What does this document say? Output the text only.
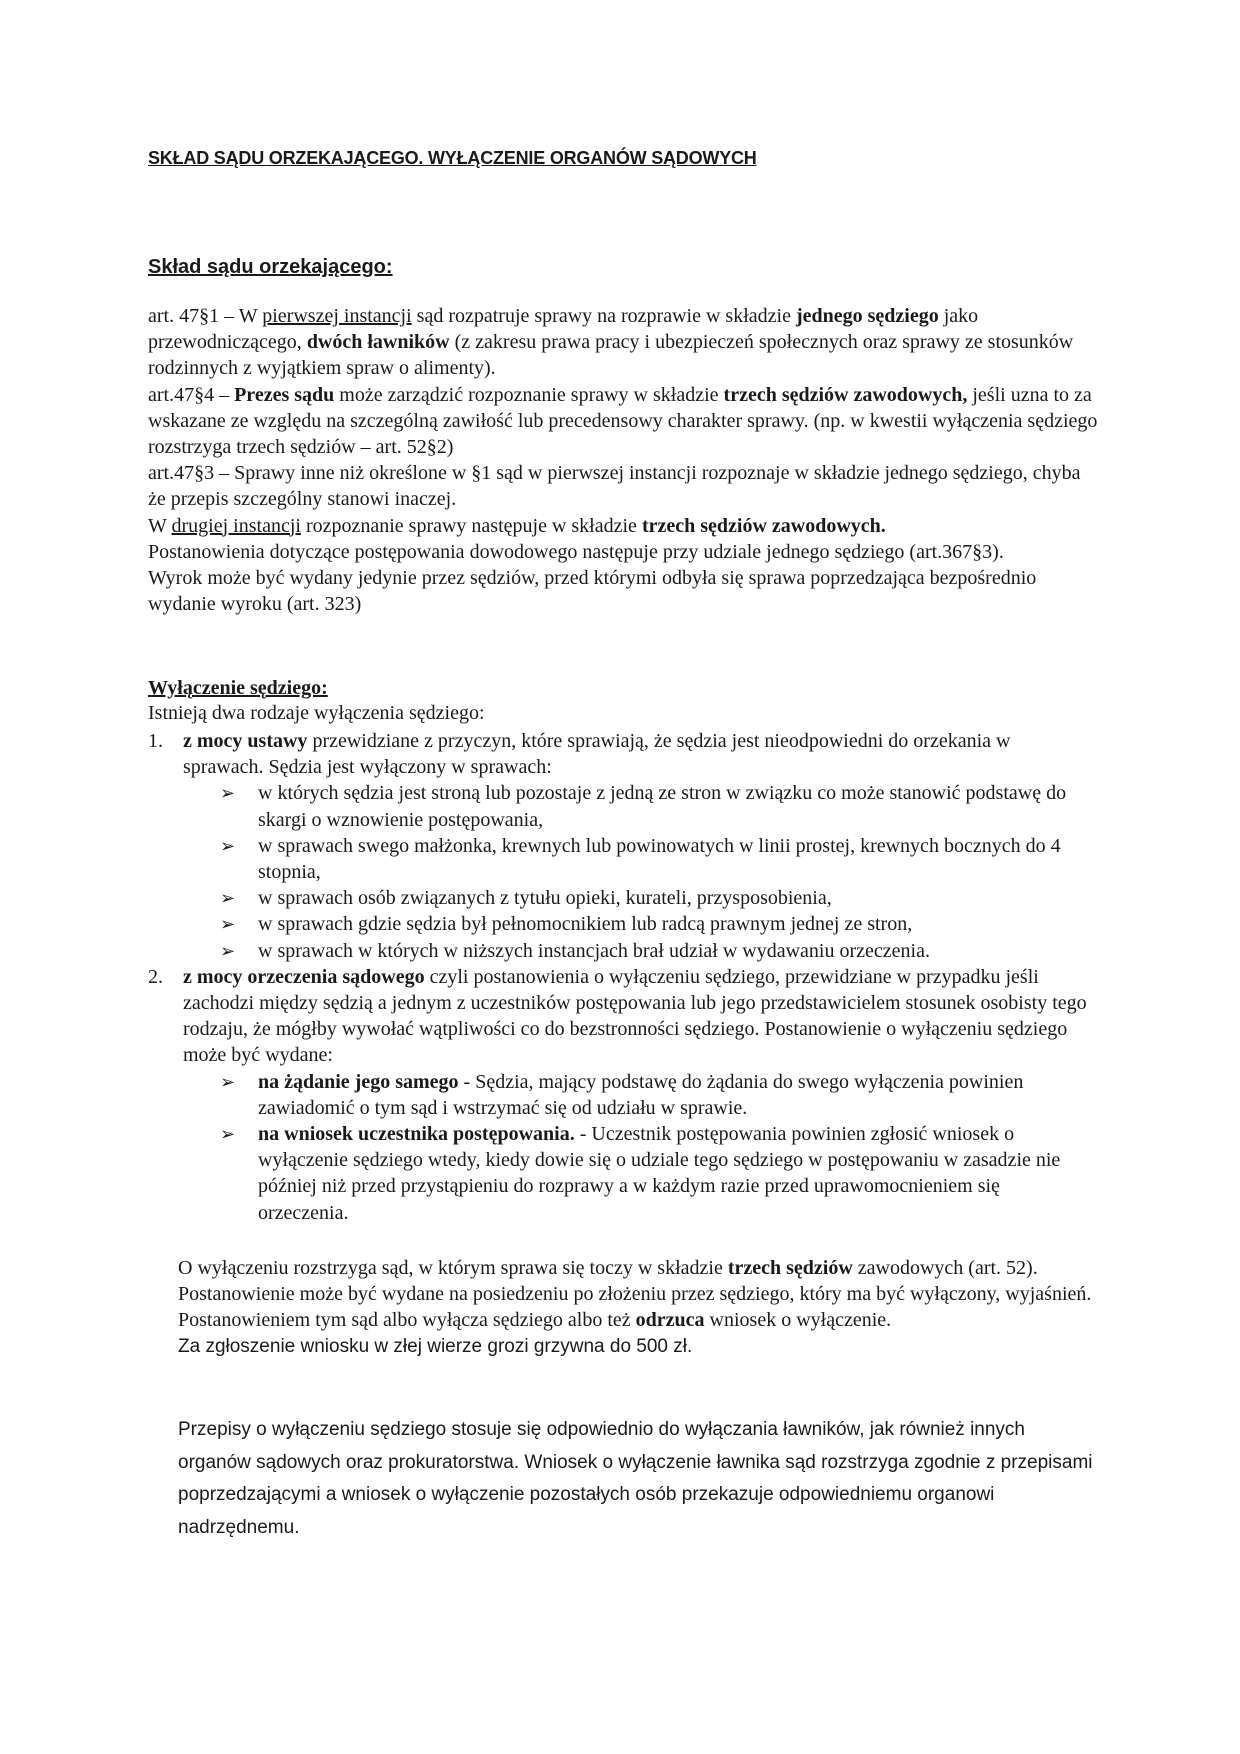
SKŁAD SĄDU ORZEKAJĄCEGO. WYŁĄCZENIE ORGANÓW SĄDOWYCH
Skład sądu orzekającego:

art. 47§1 – W pierwszej instancji sąd rozpatruje sprawy na rozprawie w składzie jednego sędziego jako przewodniczącego, dwóch ławników (z zakresu prawa pracy i ubezpieczeń społecznych oraz sprawy ze stosunków rodzinnych z wyjątkiem spraw o alimenty).

art.47§4 – Prezes sądu może zarządzić rozpoznanie sprawy w składzie trzech sędziów zawodowych, jeśli uzna to za wskazane ze względu na szczególną zawiłość lub precedensowy charakter sprawy. (np. w kwestii wyłączenia sędziego rozstrzyga trzech sędziów – art. 52§2)

art.47§3 – Sprawy inne niż określone w §1 sąd w pierwszej instancji rozpoznaje w składzie jednego sędziego, chyba że przepis szczególny stanowi inaczej.

W drugiej instancji rozpoznanie sprawy następuje w składzie trzech sędziów zawodowych.

Postanowienia dotyczące postępowania dowodowego następuje przy udziale jednego sędziego (art.367§3).

Wyrok może być wydany jedynie przez sędziów, przed którymi odbyła się sprawa poprzedzająca bezpośrednio wydanie wyroku (art. 323)

Wyłączenie sędziego:
Istnieją dwa rodzaje wyłączenia sędziego:
1. z mocy ustawy przewidziane z przyczyn, które sprawiają, że sędzia jest nieodpowiedni do orzekania w sprawach. Sędzia jest wyłączony w sprawach:
➢ w których sędzia jest stroną lub pozostaje z jedną ze stron w związku co może stanowić podstawę do skargi o wznowienie postępowania,
➢ w sprawach swego małżonka, krewnych lub powinowatych w linii prostej, krewnych bocznych do 4 stopnia,
➢ w sprawach osób związanych z tytułu opieki, kurateli, przysposobienia,
➢ w sprawach gdzie sędzia był pełnomocnikiem lub radcą prawnym jednej ze stron,
➢ w sprawach w których w niższych instancjach brał udział w wydawaniu orzeczenia.
2. z mocy orzeczenia sądowego czyli postanowienia o wyłączeniu sędziego, przewidziane w przypadku jeśli zachodzi między sędzią a jednym z uczestników postępowania lub jego przedstawicielem stosunek osobisty tego rodzaju, że mógłby wywołać wątpliwości co do bezstronności sędziego. Postanowienie o wyłączeniu sędziego może być wydane:
➢ na żądanie jego samego - Sędzia, mający podstawę do żądania do swego wyłączenia powinien zawiadomić o tym sąd i wstrzymać się od udziału w sprawie.
➢ na wniosek uczestnika postępowania. - Uczestnik postępowania powinien zgłosić wniosek o wyłączenie sędziego wtedy, kiedy dowie się o udziale tego sędziego w postępowaniu w zasadzie nie później niż przed przystąpieniu do rozprawy a w każdym razie przed uprawomocnieniem się orzeczenia.

O wyłączeniu rozstrzyga sąd, w którym sprawa się toczy w składzie trzech sędziów zawodowych (art. 52). Postanowienie może być wydane na posiedzeniu po złożeniu przez sędziego, który ma być wyłączony, wyjaśnień. Postanowieniem tym sąd albo wyłącza sędziego albo też odrzuca wniosek o wyłączenie.

Za zgłoszenie wniosku w złej wierze grozi grzywna do 500 zł.

Przepisy o wyłączeniu sędziego stosuje się odpowiednio do wyłączania ławników, jak również innych organów sądowych oraz prokuratorstwa. Wniosek o wyłączenie ławnika sąd rozstrzyga zgodnie z przepisami poprzedzającymi a wniosek o wyłączenie pozostałych osób przekazuje odpowiedniemu organowi nadrzędnemu.
